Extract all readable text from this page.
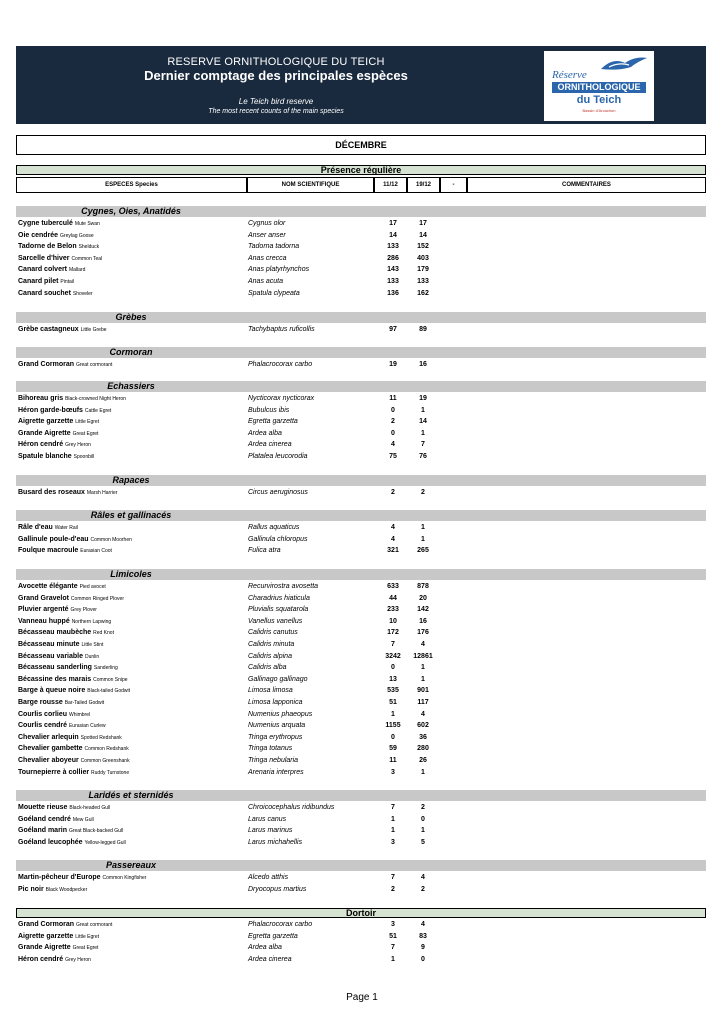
RESERVE ORNITHOLOGIQUE DU TEICH
Dernier comptage des principales espèces
Le Teich bird reserve
The most recent counts of the main species
Réserve
ORNITHOLOGIQUE
du Teich
Bassin d'Arcachon
DÉCEMBRE
Présence régulière
ESPECES Species	NOM SCIENTIFIQUE	11/12	19/12	-	COMMENTAIRES
Cygnes, Oies, Anatidés
Cygne tuberculé Mute Swan	Cygnus olor	17	17
Oie cendrée Greylag Goose	Anser anser	14	14
Tadorne de Belon Shelduck	Tadorna tadorna	133	152
Sarcelle d'hiver Common Teal	Anas crecca	286	403
Canard colvert Mallard	Anas platyrhynchos	143	179
Canard pilet Pintail	Anas acuta	133	133
Canard souchet Shoveler	Spatula clypeata	136	162
Grèbes
Grèbe castagneux Little Grebe	Tachybaptus ruficollis	97	89
Cormoran
Grand Cormoran Great cormorant	Phalacrocorax carbo	19	16
Echassiers
Bihoreau gris Black-crowned Night Heron	Nycticorax nycticorax	11	19
Héron garde-bœufs Cattle Egret	Bubulcus ibis	0	1
Aigrette garzette Little Egret	Egretta garzetta	2	14
Grande Aigrette Great Egret	Ardea alba	0	1
Héron cendré Grey Heron	Ardea cinerea	4	7
Spatule blanche Spoonbill	Platalea leucorodia	75	76
Rapaces
Busard des roseaux Marsh Harrier	Circus aeruginosus	2	2
Râles et gallinacés
Râle d'eau Water Rail	Rallus aquaticus	4	1
Gallinule poule-d'eau Common Moorhen	Gallinula chloropus	4	1
Foulque macroule Eurasian Coot	Fulica atra	321	265
Limicoles
Avocette élégante Pied avocet	Recurvirostra avosetta	633	878
Grand Gravelot Common Ringed Plover	Charadrius hiaticula	44	20
Pluvier argenté Grey Plover	Pluvialis squatarola	233	142
Vanneau huppé Northern Lapwing	Vanellus vanellus	10	16
Bécasseau maubèche Red Knot	Calidris canutus	172	176
Bécasseau minute Little Stint	Calidris minuta	7	4
Bécasseau variable Dunlin	Calidris alpina	3242	12861
Bécasseau sanderling Sanderling	Calidris alba	0	1
Bécassine des marais Common Snipe	Gallinago gallinago	13	1
Barge à queue noire Black-tailed Godwit	Limosa limosa	535	901
Barge rousse Bar-Tailed Godwit	Limosa lapponica	51	117
Courlis corlieu Whimbrel	Numenius phaeopus	1	4
Courlis cendré Eurasian Curlew	Numenius arquata	1155	602
Chevalier arlequin Spotted Redshank	Tringa erythropus	0	36
Chevalier gambette Common Redshank	Tringa totanus	59	280
Chevalier aboyeur Common Greenshank	Tringa nebularia	11	26
Tournepierre à collier Ruddy Turnstone	Arenaria interpres	3	1
Laridés et sternidés
Mouette rieuse Black-headed Gull	Chroicocephalus ridibundus	7	2
Goéland cendré Mew Gull	Larus canus	1	0
Goéland marin Great Black-backed Gull	Larus marinus	1	1
Goéland leucophée Yellow-legged Gull	Larus michahellis	3	5
Passereaux
Martin-pêcheur d'Europe Common Kingfisher	Alcedo atthis	7	4
Pic noir Black Woodpecker	Dryocopus martius	2	2
Dortoir
Grand Cormoran Great cormorant	Phalacrocorax carbo	3	4
Aigrette garzette Little Egret	Egretta garzetta	51	83
Grande Aigrette Great Egret	Ardea alba	7	9
Héron cendré Grey Heron	Ardea cinerea	1	0
Page 1
